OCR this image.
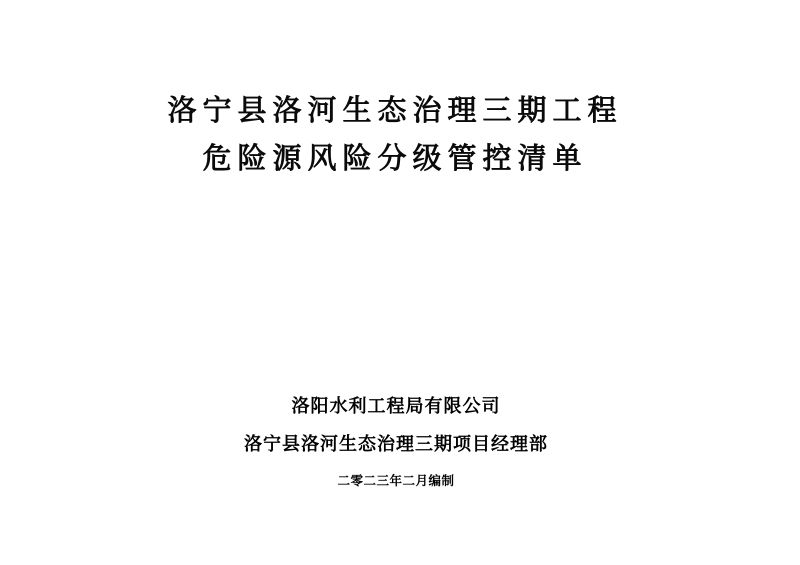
洛宁县洛河生态治理三期工程
危险源风险分级管控清单
洛阳水利工程局有限公司
洛宁县洛河生态治理三期项目经理部
二零二三年二月编制
